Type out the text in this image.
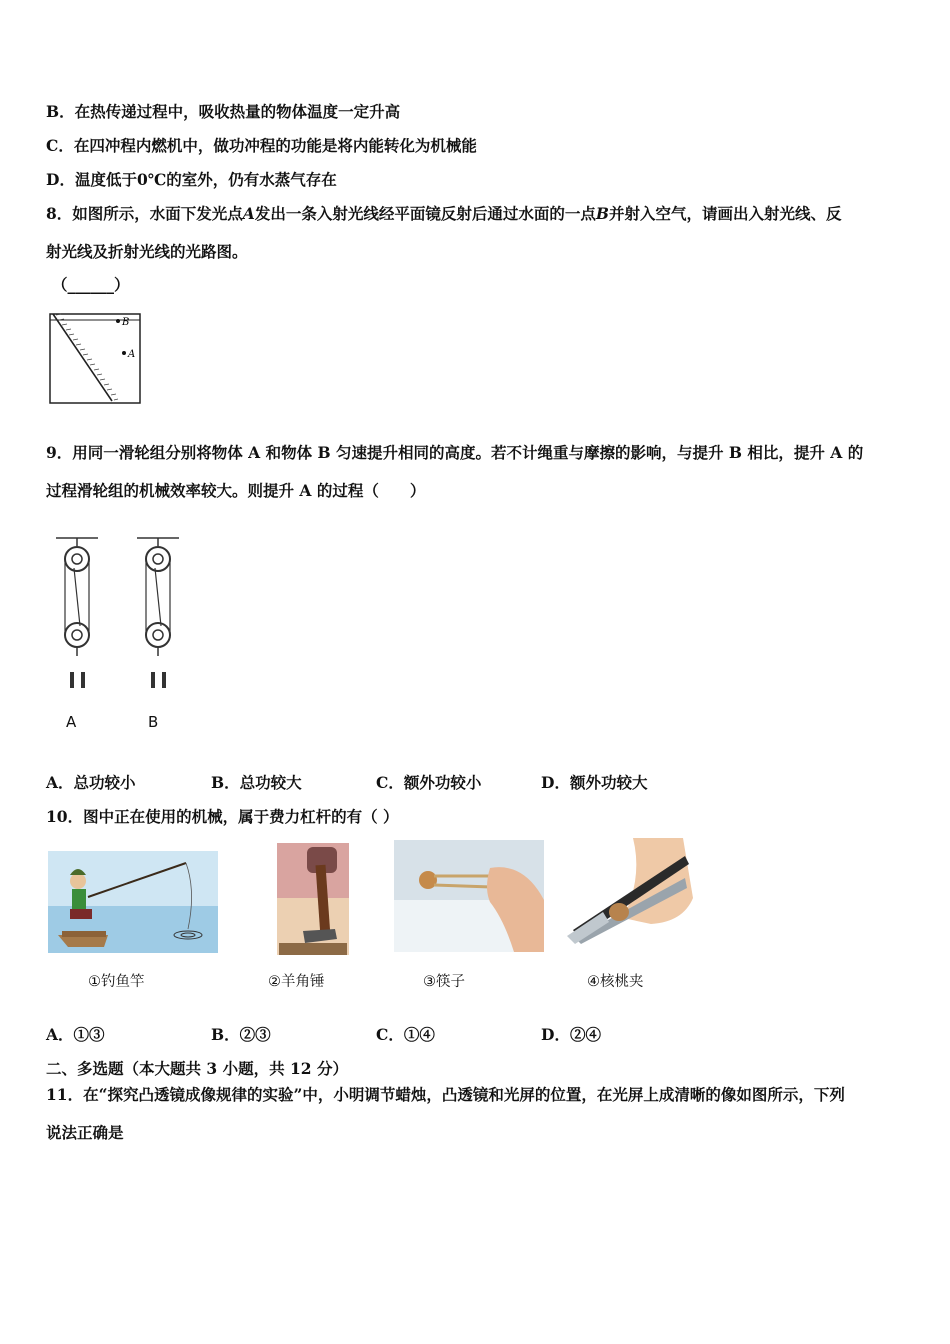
B．在热传递过程中，吸收热量的物体温度一定升高
C．在四冲程内燃机中，做功冲程的功能是将内能转化为机械能
D．温度低于0℃的室外，仍有水蒸气存在
8．如图所示，水面下发光点A发出一条入射光线经平面镜反射后通过水面的一点B并射入空气，请画出入射光线、反
射光线及折射光线的光路图。
（______）
B
A
9．用同一滑轮组分别将物体 A 和物体 B 匀速提升相同的高度。若不计绳重与摩擦的影响，与提升 B 相比，提升 A 的
过程滑轮组的机械效率较大。则提升 A 的过程（　　）
A	B
A．总功较小	B．总功较大	C．额外功较小	D．额外功较大
10．图中正在使用的机械，属于费力杠杆的有（ ）
①钓鱼竿	②羊角锤	③筷子	④核桃夹
A．①③	B．②③	C．①④	D．②④
二、多选题（本大题共 3 小题，共 12 分）
11．在“探究凸透镜成像规律的实验”中，小明调节蜡烛，凸透镜和光屏的位置，在光屏上成清晰的像如图所示，下列
说法正确是
